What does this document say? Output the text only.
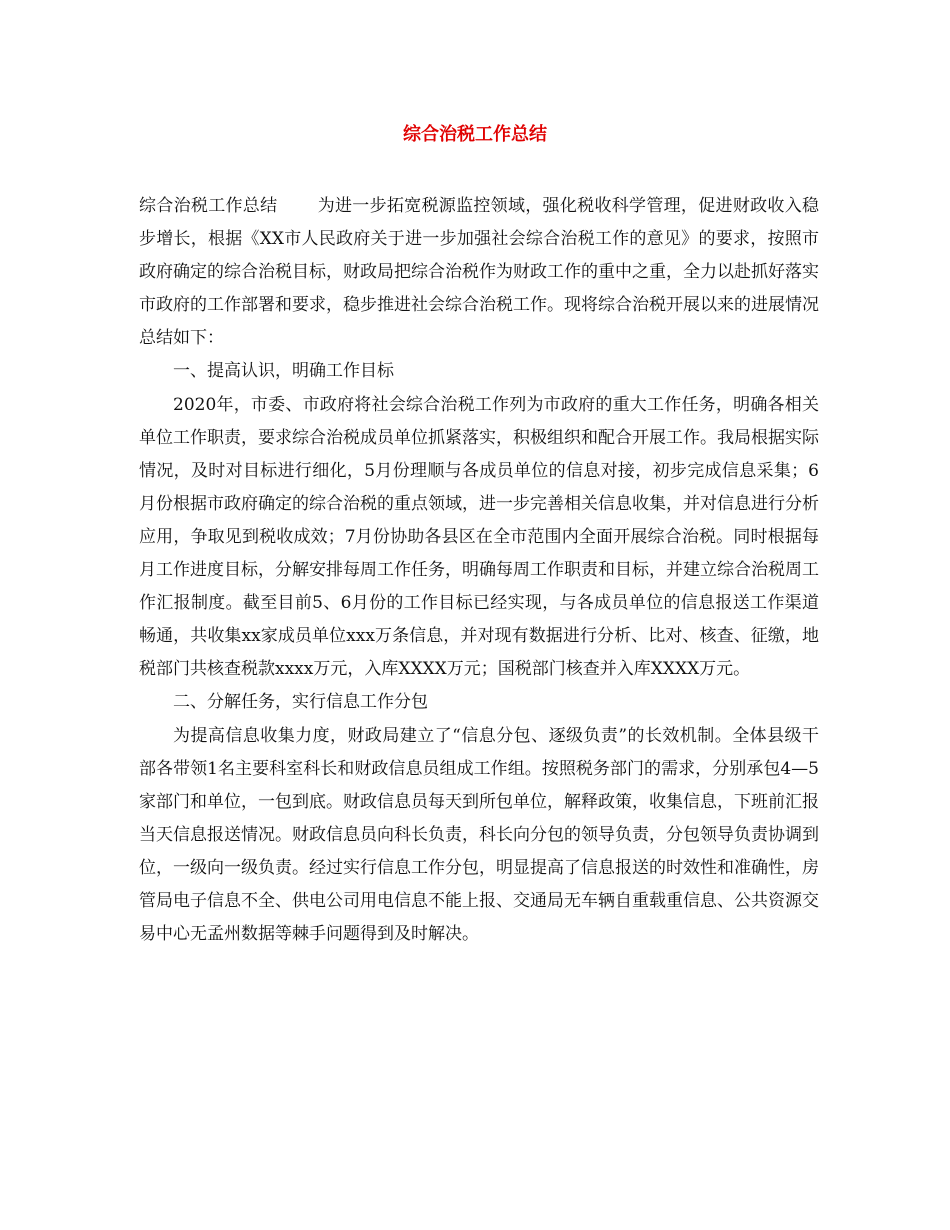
综合治税工作总结

综合治税工作总结 为进一步拓宽税源监控领域，强化税收科学管理，促进财政收入稳步增长，根据《XX市人民政府关于进一步加强社会综合治税工作的意见》的要求，按照市政府确定的综合治税目标，财政局把综合治税作为财政工作的重中之重，全力以赴抓好落实市政府的工作部署和要求，稳步推进社会综合治税工作。现将综合治税开展以来的进展情况总结如下：

一、提高认识，明确工作目标

2020年，市委、市政府将社会综合治税工作列为市政府的重大工作任务，明确各相关单位工作职责，要求综合治税成员单位抓紧落实，积极组织和配合开展工作。我局根据实际情况，及时对目标进行细化，5月份理顺与各成员单位的信息对接，初步完成信息采集；6月份根据市政府确定的综合治税的重点领域，进一步完善相关信息收集，并对信息进行分析应用，争取见到税收成效；7月份协助各县区在全市范围内全面开展综合治税。同时根据每月工作进度目标，分解安排每周工作任务，明确每周工作职责和目标，并建立综合治税周工作汇报制度。截至目前5、6月份的工作目标已经实现，与各成员单位的信息报送工作渠道畅通，共收集xx家成员单位xxx万条信息，并对现有数据进行分析、比对、核查、征缴，地税部门共核查税款xxxx万元，入库XXXX万元；国税部门核查并入库XXXX万元。

二、分解任务，实行信息工作分包

为提高信息收集力度，财政局建立了“信息分包、逐级负责”的长效机制。全体县级干部各带领1名主要科室科长和财政信息员组成工作组。按照税务部门的需求，分别承包4—5家部门和单位，一包到底。财政信息员每天到所包单位，解释政策，收集信息，下班前汇报当天信息报送情况。财政信息员向科长负责，科长向分包的领导负责，分包领导负责协调到位，一级向一级负责。经过实行信息工作分包，明显提高了信息报送的时效性和准确性，房管局电子信息不全、供电公司用电信息不能上报、交通局无车辆自重载重信息、公共资源交易中心无孟州数据等棘手问题得到及时解决。
